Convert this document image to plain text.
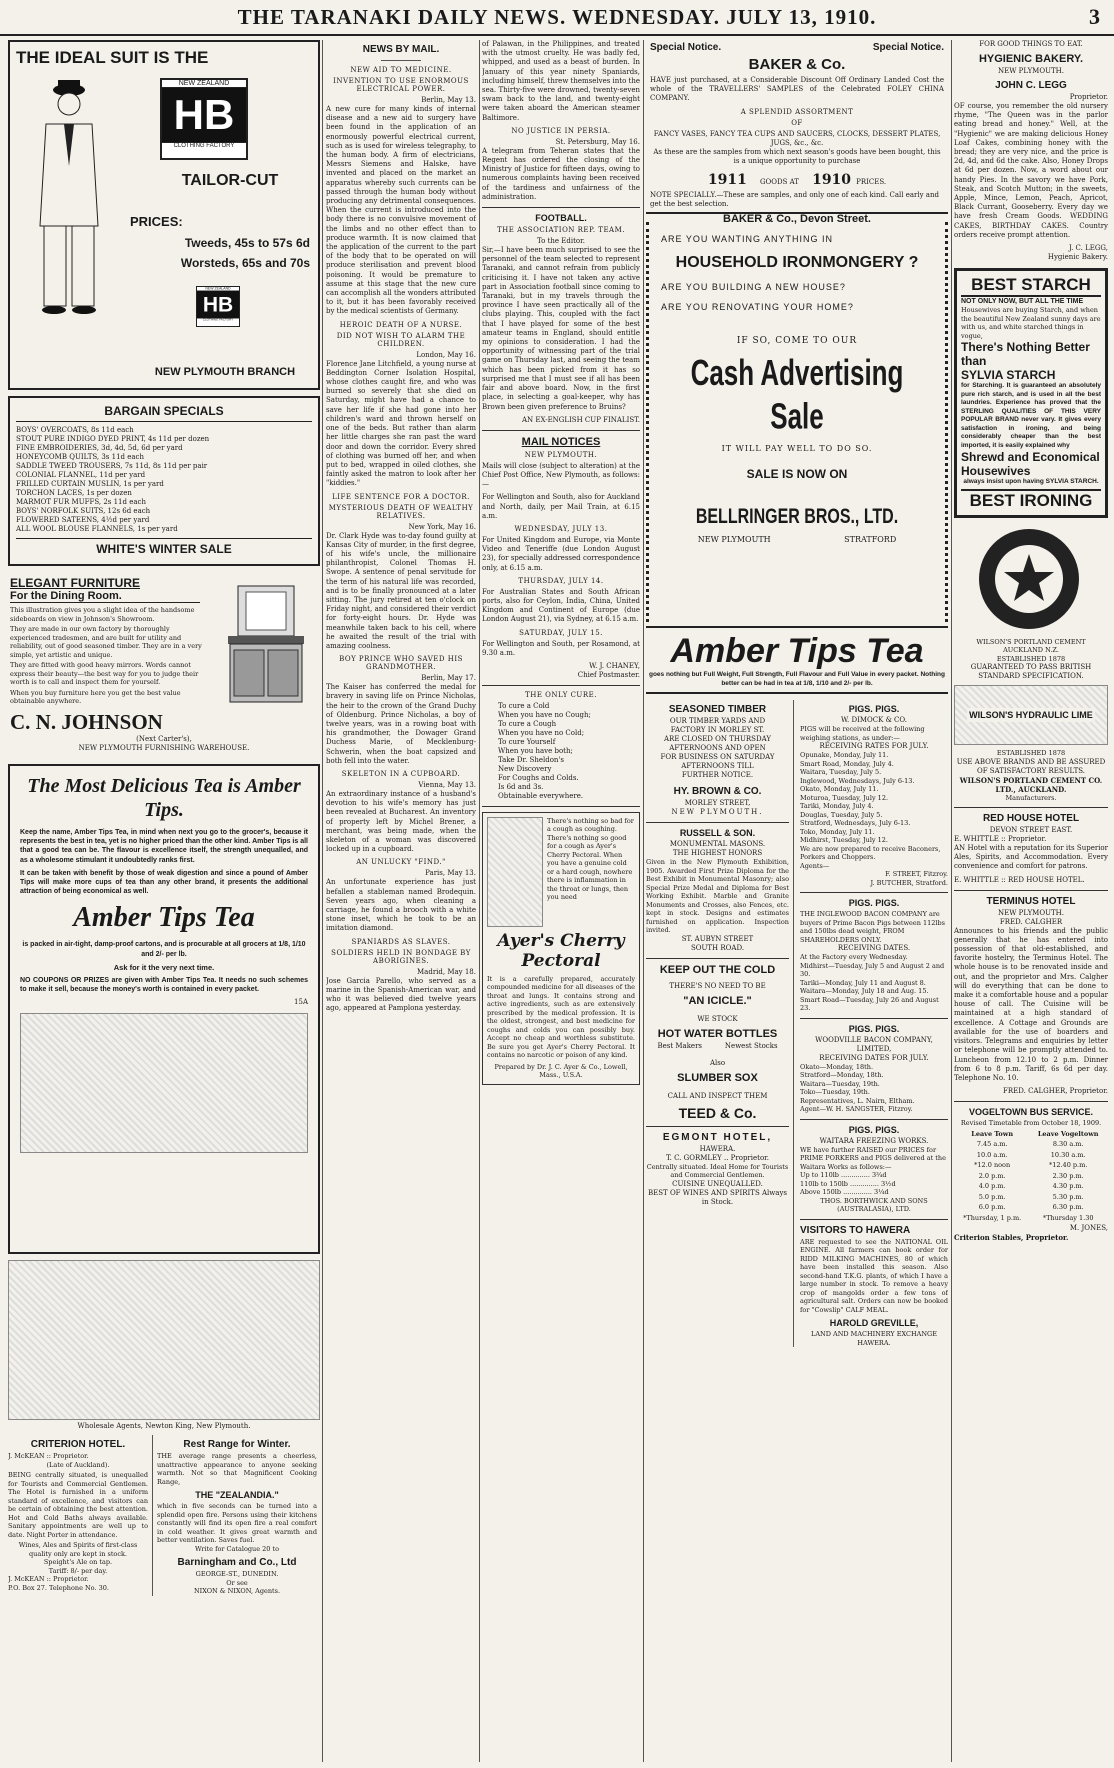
THE TARANAKI DAILY NEWS. WEDNESDAY. JULY 13, 1910.	3
THE IDEAL SUIT IS THE
NEW ZEALAND
HB
CLOTHING FACTORY
TAILOR-CUT
PRICES:
Tweeds, 45s to 57s 6d
Worsteds, 65s and 70s
NEW ZEALAND
HB
CLOTHING FACTORY
NEW PLYMOUTH BRANCH
BARGAIN SPECIALS
BOYS' OVERCOATS, 8s 11d each
STOUT PURE INDIGO DYED PRINT, 4s 11d per dozen
FINE EMBROIDERIES, 3d, 4d, 5d, 6d per yard
HONEYCOMB QUILTS, 3s 11d each
SADDLE TWEED TROUSERS, 7s 11d, 8s 11d per pair
COLONIAL FLANNEL, 11d per yard
FRILLED CURTAIN MUSLIN, 1s per yard
TORCHON LACES, 1s per dozen
MARMOT FUR MUFFS, 2s 11d each
BOYS' NORFOLK SUITS, 12s 6d each
FLOWERED SATEENS, 4½d per yard
ALL WOOL BLOUSE FLANNELS, 1s per yard
WHITE'S WINTER SALE
ELEGANT FURNITURE
For the Dining Room.
This illustration gives you a slight idea of the handsome sideboards on view in Johnson's Showroom.
They are made in our own factory by thoroughly experienced tradesmen, and are built for utility and reliability, out of good seasoned timber. They are in a very simple, yet artistic and unique.
They are fitted with good heavy mirrors. Words cannot express their beauty—the best way for you to judge their worth is to call and inspect them for yourself.
When you buy furniture here you get the best value obtainable anywhere.
C. N. JOHNSON
(Next Carter's),
NEW PLYMOUTH FURNISHING WAREHOUSE.
The Most Delicious Tea is Amber Tips.
Keep the name, Amber Tips Tea, in mind when next you go to the grocer's, because it represents the best in tea, yet is no higher priced than the other kind. Amber Tips is all that a good tea can be. The flavour is excellence itself, the strength unequalled, and as a wholesome stimulant it undoubtedly ranks first.
It can be taken with benefit by those of weak digestion and since a pound of Amber Tips will make more cups of tea than any other brand, it presents the additional attraction of being economical as well.
Amber Tips Tea
is packed in air-tight, damp-proof cartons, and is procurable at all grocers at 1/8, 1/10 and 2/- per lb.
Ask for it the very next time.
NO COUPONS OR PRIZES are given with Amber Tips Tea. It needs no such schemes to make it sell, because the money's worth is contained in every packet.
15A
Wholesale Agents, Newton King, New Plymouth.
CRITERION HOTEL.
J. McKEAN :: Proprietor.
(Late of Auckland).
BEING centrally situated, is unequalled for Tourists and Commercial Gentlemen. The Hotel is furnished in a uniform standard of excellence, and visitors can be certain of obtaining the best attention. Hot and Cold Baths always available. Sanitary appointments are well up to date. Night Porter in attendance.
Wines, Ales and Spirits of first-class quality only are kept in stock.
Speight's Ale on tap.
Tariff: 8/- per day.
J. McKEAN :: Proprietor.
P.O. Box 27. Telephone No. 30.
Rest Range for Winter.
THE average range presents a cheerless, unattractive appearance to anyone seeking warmth. Not so that Magnificent Cooking Range,
THE "ZEALANDIA."
which in five seconds can be turned into a splendid open fire. Persons using their kitchens constantly will find its open fire a real comfort in cold weather. It gives great warmth and better ventilation. Saves fuel.
Write for Catalogue 20 to
Barningham and Co., Ltd
GEORGE-ST., DUNEDIN.
Or see
NIXON & NIXON, Agents.
NEWS BY MAIL.
NEW AID TO MEDICINE.
INVENTION TO USE ENORMOUS ELECTRICAL POWER.
Berlin, May 13.
A new cure for many kinds of internal disease and a new aid to surgery have been found in the application of an enormously powerful electrical current, such as is used for wireless telegraphy, to the human body. A firm of electricians, Messrs Siemens and Halske, have invented and placed on the market an apparatus whereby such currents can be passed through the human body without producing any detrimental consequences. When the current is introduced into the body there is no convulsive movement of the limbs and no other effect than to produce warmth. It is now claimed that the application of the current to the part of the body that to be operated on will produce sterilisation and prevent blood poisoning. It would be premature to assume at this stage that the new cure can accomplish all the wonders attributed to it, but it has been favorably received by the medical scientists of Germany.
HEROIC DEATH OF A NURSE.
DID NOT WISH TO ALARM THE CHILDREN.
London, May 16.
Florence Jane Litchfield, a young nurse at Beddington Corner Isolation Hospital, whose clothes caught fire, and who was burned so severely that she died on Saturday, might have had a chance to save her life if she had gone into her children's ward and thrown herself on one of the beds. But rather than alarm her little charges she ran past the ward door and down the corridor. Every shred of clothing was burned off her, and when put to bed, wrapped in oiled clothes, she faintly asked the matron to look after her "kiddies."
LIFE SENTENCE FOR A DOCTOR.
MYSTERIOUS DEATH OF WEALTHY RELATIVES.
New York, May 16.
Dr. Clark Hyde was to-day found guilty at Kansas City of murder, in the first degree, of his wife's uncle, the millionaire philanthropist, Colonel Thomas H. Swope. A sentence of penal servitude for the term of his natural life was recorded, and is to be finally pronounced at a later sitting. The jury retired at ten o'clock on Friday night, and considered their verdict for forty-eight hours. Dr. Hyde was meanwhile taken back to his cell, where he awaited the result of the trial with amazing coolness.
BOY PRINCE WHO SAVED HIS GRANDMOTHER.
Berlin, May 17.
The Kaiser has conferred the medal for bravery in saving life on Prince Nicholas, the heir to the crown of the Grand Duchy of Oldenburg. Prince Nicholas, a boy of twelve years, was in a rowing boat with his grandmother, the Dowager Grand Duchess Marie, of Mecklenburg-Schwerin, when the boat capsized and both fell into the water.
SKELETON IN A CUPBOARD.
Vienna, May 13.
An extraordinary instance of a husband's devotion to his wife's memory has just been revealed at Bucharest. An inventory of property left by Michel Brener, a merchant, was being made, when the skeleton of a woman was discovered locked up in a cupboard.
AN UNLUCKY "FIND."
Paris, May 13.
An unfortunate experience has just befallen a stableman named Brodequin. Seven years ago, when cleaning a carriage, he found a brooch with a white stone inset, which he took to be an imitation diamond.
SPANIARDS AS SLAVES.
SOLDIERS HELD IN BONDAGE BY ABORIGINES.
Madrid, May 18.
Jose Garcia Parello, who served as a marine in the Spanish-American war, and who it was believed died twelve years ago, appeared at Pamplona yesterday.
of Palawan, in the Philippines, and treated with the utmost cruelty. He was badly fed, whipped, and used as a beast of burden. In January of this year ninety Spaniards, including himself, threw themselves into the sea. Thirty-five were drowned, twenty-seven swam back to the land, and twenty-eight were taken aboard the American steamer Baltimore.
NO JUSTICE IN PERSIA.
St. Petersburg, May 16.
A telegram from Teheran states that the Regent has ordered the closing of the Ministry of Justice for fifteen days, owing to numerous complaints having been received of the tardiness and unfairness of the administration.
FOOTBALL.
THE ASSOCIATION REP. TEAM.
To the Editor.
Sir,—I have been much surprised to see the personnel of the team selected to represent Taranaki, and cannot refrain from publicly criticising it. I have not taken any active part in Association football since coming to Taranaki, but in my travels through the province I have seen practically all of the clubs playing. This, coupled with the fact that I have played for some of the best amateur teams in England, should entitle my opinions to consideration. I had the opportunity of witnessing part of the trial game on Thursday last, and seeing the team which has been picked from it has so surprised me that I must see if all has been fair and above board. Now, in the first place, in selecting a goal-keeper, why has Brown been given preference to Bruins?
AN EX-ENGLISH CUP FINALIST.
MAIL NOTICES
NEW PLYMOUTH.
Mails will close (subject to alteration) at the Chief Post Office, New Plymouth, as follows:—
For Wellington and South, also for Auckland and North, daily, per Mail Train, at 6.15 a.m.
WEDNESDAY, JULY 13.
For United Kingdom and Europe, via Monte Video and Teneriffe (due London August 23), for specially addressed correspondence only, at 6.15 a.m.
THURSDAY, JULY 14.
For Australian States and South African ports, also for Ceylon, India, China, United Kingdom and Continent of Europe (due London August 21), via Sydney, at 6.15 a.m.
SATURDAY, JULY 15.
For Wellington and South, per Rosamond, at 9.30 a.m.
W. J. CHANEY,
Chief Postmaster.
THE ONLY CURE.
To cure a Cold
When you have no Cough;
To cure a Cough
When you have no Cold;
To cure Yourself
When you have both;
Take Dr. Sheldon's
New Discovery
For Coughs and Colds.
Is 6d and 3s.
Obtainable everywhere.
There's nothing so bad for a cough as coughing. There's nothing so good for a cough as Ayer's Cherry Pectoral. When you have a genuine cold or a hard cough, nowhere there is inflammation in the throat or lungs, then you need
Ayer's Cherry Pectoral
It is a carefully prepared, accurately compounded medicine for all diseases of the throat and lungs. It contains strong and active ingredients, such as are extensively prescribed by the medical profession. It is the oldest, strongest, and best medicine for coughs and colds you can possibly buy. Accept no cheap and worthless substitute. Be sure you get Ayer's Cherry Pectoral. It contains no narcotic or poison of any kind.
Prepared by Dr. J. C. Ayer & Co., Lowell, Mass., U.S.A.
Special Notice.	Special Notice.
BAKER & Co.
HAVE just purchased, at a Considerable Discount Off Ordinary Landed Cost the whole of the TRAVELLERS' SAMPLES of the Celebrated FOLEY CHINA COMPANY.
A SPLENDID ASSORTMENT
OF
FANCY VASES, FANCY TEA CUPS AND SAUCERS, CLOCKS, DESSERT PLATES, JUGS, &c., &c.
As these are the samples from which next season's goods have been bought, this is a unique opportunity to purchase
1911 GOODS AT 1910 PRICES.
NOTE SPECIALLY.—These are samples, and only one of each kind. Call early and get the best selection.
BAKER & Co., Devon Street.
ARE YOU WANTING ANYTHING IN
HOUSEHOLD IRONMONGERY ?
ARE YOU BUILDING A NEW HOUSE?
ARE YOU RENOVATING YOUR HOME?
IF SO, COME TO OUR
Cash Advertising Sale
IT WILL PAY WELL TO DO SO.
SALE IS NOW ON
BELLRINGER BROS., LTD.
NEW PLYMOUTH	STRATFORD
Amber Tips Tea
goes nothing but Full Weight, Full Strength, Full Flavour and Full Value in every packet. Nothing better can be had in tea at 1/8, 1/10 and 2/- per lb.
SEASONED TIMBER
OUR TIMBER YARDS AND
FACTORY IN MORLEY ST.
ARE CLOSED ON THURSDAY
AFTERNOONS AND OPEN
FOR BUSINESS ON SATURDAY AFTERNOONS TILL
FURTHER NOTICE.
HY. BROWN & CO.
MORLEY STREET,
NEW PLYMOUTH.
RUSSELL & SON.
MONUMENTAL MASONS.
THE HIGHEST HONORS
Given in the New Plymouth Exhibition, 1905. Awarded First Prize Diploma for the Best Exhibit in Monumental Masonry; also Special Prize Medal and Diploma for Best Working Exhibit. Marble and Granite Monuments and Crosses, also Fences, etc. kept in stock. Designs and estimates furnished on application. Inspection invited.
ST. AUBYN STREET
SOUTH ROAD.
KEEP OUT THE COLD
THERE'S NO NEED TO BE
"AN ICICLE."
WE STOCK
HOT WATER BOTTLES
Best Makers	Newest Stocks
Also
SLUMBER SOX
CALL AND INSPECT THEM
TEED & Co.
EGMONT HOTEL,
HAWERA.
T. C. GORMLEY .. Proprietor.
Centrally situated. Ideal Home for Tourists and Commercial Gentlemen.
CUISINE UNEQUALLED.
BEST OF WINES AND SPIRITS Always in Stock.
PIGS. PIGS.
W. DIMOCK & CO.
PIGS will be received at the following weighing stations, as under:—
RECEIVING RATES FOR JULY.
Opunake, Monday, July 11.
Smart Road, Monday, July 4.
Waitara, Tuesday, July 5.
Inglewood, Wednesdays, July 6-13.
Okato, Monday, July 11.
Moturoa, Tuesday, July 12.
Tariki, Monday, July 4.
Douglas, Tuesday, July 5.
Stratford, Wednesdays, July 6-13.
Toko, Monday, July 11.
Midhirst, Tuesday, July 12.
We are now prepared to receive Baconers, Porkers and Choppers.
Agents—
F. STREET, Fitzroy.
J. BUTCHER, Stratford.
PIGS. PIGS.
THE INGLEWOOD BACON COMPANY are buyers of Prime Bacon Pigs between 112lbs and 150lbs dead weight, FROM SHAREHOLDERS ONLY.
RECEIVING DATES.
At the Factory every Wednesday.
Midhirst—Tuesday, July 5 and August 2 and 30.
Tariki—Monday, July 11 and August 8.
Waitara—Monday, July 18 and Aug. 15.
Smart Road—Tuesday, July 26 and August 23.
PIGS. PIGS.
WOODVILLE BACON COMPANY, LIMITED,
RECEIVING DATES FOR JULY.
Okato—Monday, 18th.
Stratford—Monday, 18th.
Waitara—Tuesday, 19th.
Toko—Tuesday, 19th.
Representatives, L. Nairn, Eltham.
Agent—W. H. SANGSTER, Fitzroy.
PIGS. PIGS.
WAITARA FREEZING WORKS.
WE have further RAISED our PRICES for PRIME PORKERS and PIGS delivered at the Waitara Works as follows:—
Up to 110lb .............. 3¾d
110lb to 150lb .............. 3½d
Above 150lb .............. 3¼d
THOS. BORTHWICK AND SONS (AUSTRALASIA), LTD.
VISITORS TO HAWERA
ARE requested to see the NATIONAL OIL ENGINE. All farmers can book order for RIDD MILKING MACHINES, 80 of which have been installed this season. Also second-hand T.K.G. plants, of which I have a large number in stock. To remove a heavy crop of mangolds order a few tons of agricultural salt. Orders can now be booked for "Cowslip" CALF MEAL.
HAROLD GREVILLE,
LAND AND MACHINERY EXCHANGE
HAWERA.
FOR GOOD THINGS TO EAT.
HYGIENIC BAKERY.
NEW PLYMOUTH.
JOHN C. LEGG
Proprietor.
OF course, you remember the old nursery rhyme, "The Queen was in the parlor eating bread and honey." Well, at the "Hygienic" we are making delicious Honey Loaf Cakes, combining honey with the bread; they are very nice, and the price is 2d, 4d, and 6d the cake. Also, Honey Drops at 6d per dozen. Now, a word about our handy Pies. In the savory we have Pork, Steak, and Scotch Mutton; in the sweets, Apple, Mince, Lemon, Peach, Apricot, Black Currant, Gooseberry. Every day we have fresh Cream Goods. WEDDING CAKES, BIRTHDAY CAKES. Country orders receive prompt attention.
J. C. LEGG,
Hygienic Bakery.
BEST STARCH
NOT ONLY NOW, BUT ALL THE TIME
Housewives are buying Starch, and when the beautiful New Zealand sunny days are with us, and white starched things in vogue,
There's Nothing Better than
SYLVIA STARCH
for Starching. It is guaranteed an absolutely pure rich starch, and is used in all the best laundries. Experience has proved that the STERLING QUALITIES OF THIS VERY POPULAR BRAND never vary. It gives every satisfaction in ironing, and being considerably cheaper than the best imported, it is easily explained why
Shrewd and Economical Housewives
always insist upon having SYLVIA STARCH.
BEST IRONING
WILSON'S PORTLAND CEMENT
AUCKLAND N.Z.
ESTABLISHED 1878
GUARANTEED TO PASS BRITISH STANDARD SPECIFICATION.
WILSON'S HYDRAULIC LIME
ESTABLISHED 1878
USE ABOVE BRANDS AND BE ASSURED OF SATISFACTORY RESULTS.
WILSON'S PORTLAND CEMENT CO. LTD., AUCKLAND.
Manufacturers.
RED HOUSE HOTEL
DEVON STREET EAST.
E. WHITTLE :: Proprietor.
AN Hotel with a reputation for its Superior Ales, Spirits, and Accommodation. Every convenience and comfort for patrons.
E. WHITTLE :: RED HOUSE HOTEL.
TERMINUS HOTEL
NEW PLYMOUTH.
FRED. CALGHER
Announces to his friends and the public generally that he has entered into possession of that old-established, and favorite hostelry, the Terminus Hotel. The whole house is to be renovated inside and out, and the proprietor and Mrs. Calgher will do everything that can be done to make it a comfortable house and a popular house of call. The Cuisine will be maintained at a high standard of excellence. A Cottage and Grounds are available for the use of boarders and visitors. Telegrams and enquiries by letter or telephone will be promptly attended to. Luncheon from 12.10 to 2 p.m. Dinner from 6 to 8 p.m. Tariff, 6s 6d per day. Telephone No. 10.
FRED. CALGHER, Proprietor.
VOGELTOWN BUS SERVICE.
Revised Timetable from October 18, 1909.
Leave Town	Leave Vogeltown
7.45 a.m.	8.30 a.m.
10.0 a.m.	10.30 a.m.
*12.0 noon	*12.40 p.m.
2.0 p.m.	2.30 p.m.
4.0 p.m.	4.30 p.m.
5.0 p.m.	5.30 p.m.
6.0 p.m.	6.30 p.m.
*Thursday, 1 p.m.	*Thursday 1.30
M. JONES,
Criterion Stables, Proprietor.
